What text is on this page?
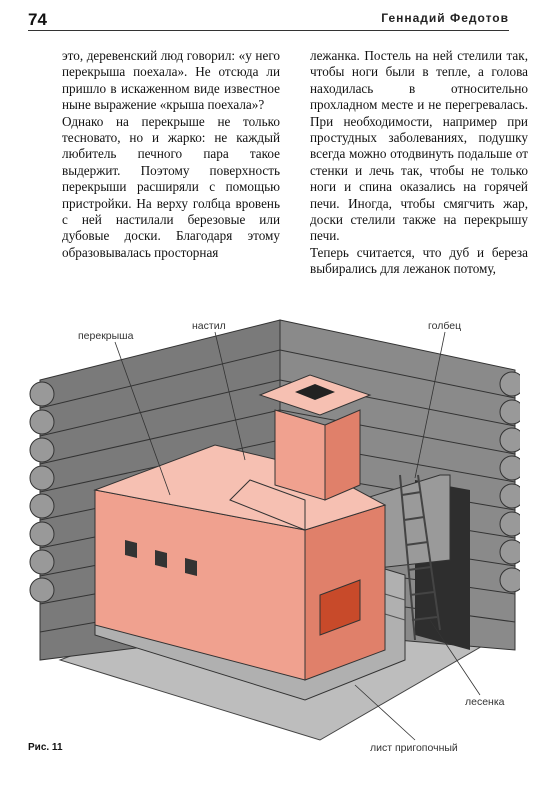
74	Геннадий Федотов

это, деревенский люд говорил: «у него перекрыша поехала». Не отсюда ли пришло в искаженном виде известное ныне выражение «крыша поехала»?

Однако на перекрыше не только тесновато, но и жарко: не каждый любитель печного пара такое выдержит. Поэтому поверхность перекрыши расширяли с помощью пристройки. На верху голбца вровень с ней настилали березовые или дубовые доски. Благодаря этому образовывалась просторная

лежанка. Постель на ней стелили так, чтобы ноги были в тепле, а голова находилась в относительно прохладном месте и не перегревалась. При необходимости, например при простудных заболеваниях, подушку всегда можно отодвинуть подальше от стенки и лечь так, чтобы не только ноги и спина оказались на горячей печи. Иногда, чтобы смягчить жар, доски стелили также на перекрышу печи.

Теперь считается, что дуб и береза выбирались для лежанок потому,

перекрыша
настил	голбец
лесенка
лист пригопочный
Рис. 11
